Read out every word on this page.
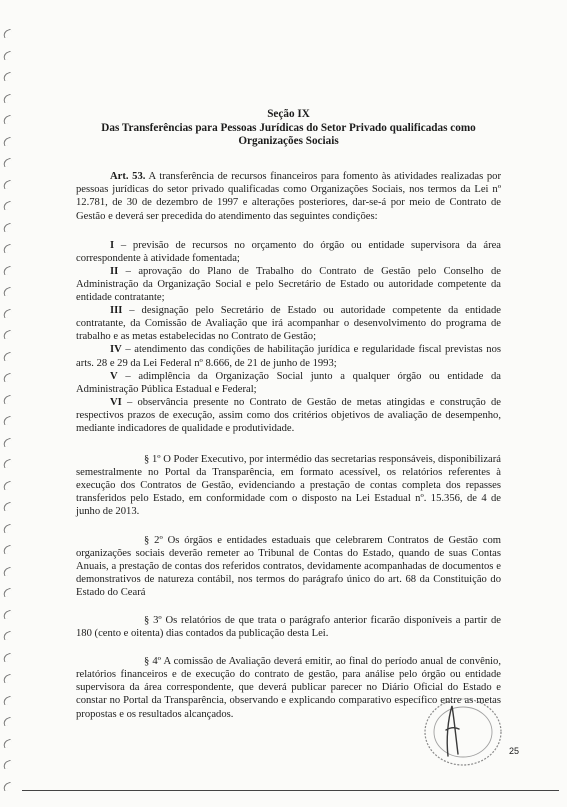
Seção IX

Das Transferências para Pessoas Jurídicas do Setor Privado qualificadas como Organizações Sociais

Art. 53. A transferência de recursos financeiros para fomento às atividades realizadas por pessoas jurídicas do setor privado qualificadas como Organizações Sociais, nos termos da Lei nº 12.781, de 30 de dezembro de 1997 e alterações posteriores, dar-se-á por meio de Contrato de Gestão e deverá ser precedida do atendimento das seguintes condições:

I – previsão de recursos no orçamento do órgão ou entidade supervisora da área correspondente à atividade fomentada;

II – aprovação do Plano de Trabalho do Contrato de Gestão pelo Conselho de Administração da Organização Social e pelo Secretário de Estado ou autoridade competente da entidade contratante;

III – designação pelo Secretário de Estado ou autoridade competente da entidade contratante, da Comissão de Avaliação que irá acompanhar o desenvolvimento do programa de trabalho e as metas estabelecidas no Contrato de Gestão;

IV – atendimento das condições de habilitação jurídica e regularidade fiscal previstas nos arts. 28 e 29 da Lei Federal nº 8.666, de 21 de junho de 1993;

V – adimplência da Organização Social junto a qualquer órgão ou entidade da Administração Pública Estadual e Federal;

VI – observância presente no Contrato de Gestão de metas atingidas e construção de respectivos prazos de execução, assim como dos critérios objetivos de avaliação de desempenho, mediante indicadores de qualidade e produtividade.

§ 1º O Poder Executivo, por intermédio das secretarias responsáveis, disponibilizará semestralmente no Portal da Transparência, em formato acessível, os relatórios referentes à execução dos Contratos de Gestão, evidenciando a prestação de contas completa dos repasses transferidos pelo Estado, em conformidade com o disposto na Lei Estadual nº. 15.356, de 4 de junho de 2013.

§ 2º Os órgãos e entidades estaduais que celebrarem Contratos de Gestão com organizações sociais deverão remeter ao Tribunal de Contas do Estado, quando de suas Contas Anuais, a prestação de contas dos referidos contratos, devidamente acompanhadas de documentos e demonstrativos de natureza contábil, nos termos do parágrafo único do art. 68 da Constituição do Estado do Ceará

§ 3º Os relatórios de que trata o parágrafo anterior ficarão disponíveis a partir de 180 (cento e oitenta) dias contados da publicação desta Lei.

§ 4º A comissão de Avaliação deverá emitir, ao final do período anual de convênio, relatórios financeiros e de execução do contrato de gestão, para análise pelo órgão ou entidade supervisora da área correspondente, que deverá publicar parecer no Diário Oficial do Estado e constar no Portal da Transparência, observando e explicando comparativo específico entre as metas propostas e os resultados alcançados.

25
